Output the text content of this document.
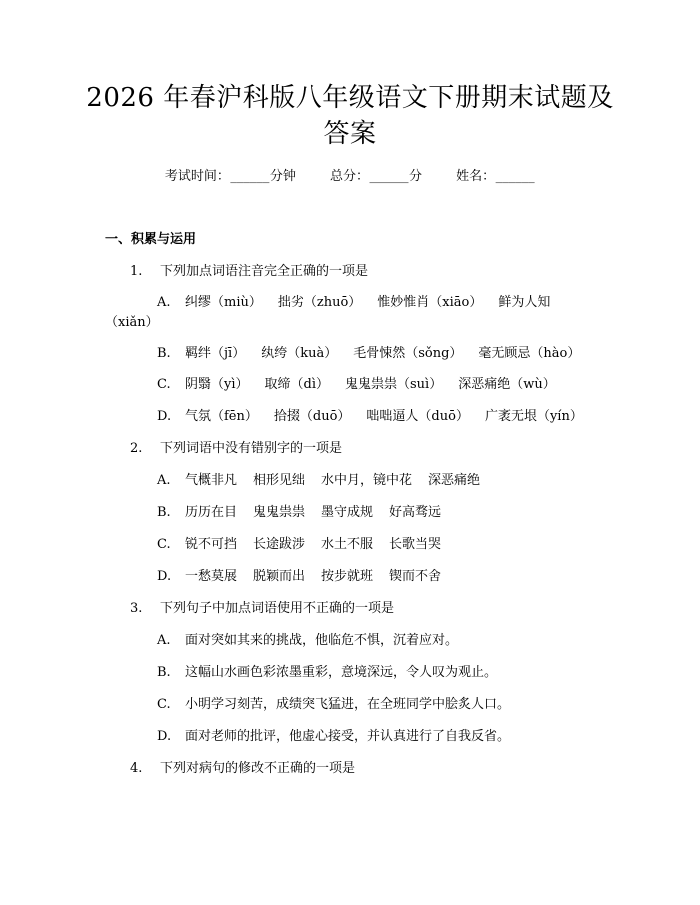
2026 年春沪科版八年级语文下册期末试题及
答案
考试时间：______分钟	总分：______分	姓名：______
一、积累与运用
1. 下列加点词语注音完全正确的一项是
A. 纠缪（miù） 拙劣（zhuō） 惟妙惟肖（xiāo） 鲜为人知
（xiǎn）
B. 羁绊（jī） 纨绔（kuà） 毛骨悚然（sǒng） 毫无顾忌（hào）
C. 阴翳（yì） 取缔（dì） 鬼鬼祟祟（suì） 深恶痛绝（wù）
D. 气氛（fēn） 拾掇（duō） 咄咄逼人（duō） 广袤无垠（yín）
2. 下列词语中没有错别字的一项是
A. 气概非凡 相形见绌 水中月，镜中花 深恶痛绝
B. 历历在目 鬼鬼祟祟 墨守成规 好高骛远
C. 锐不可挡 长途跋涉 水土不服 长歌当哭
D. 一愁莫展 脱颖而出 按步就班 锲而不舍
3. 下列句子中加点词语使用不正确的一项是
A. 面对突如其来的挑战，他临危不惧，沉着应对。
B. 这幅山水画色彩浓墨重彩，意境深远，令人叹为观止。
C. 小明学习刻苦，成绩突飞猛进，在全班同学中脍炙人口。
D. 面对老师的批评，他虚心接受，并认真进行了自我反省。
4. 下列对病句的修改不正确的一项是
